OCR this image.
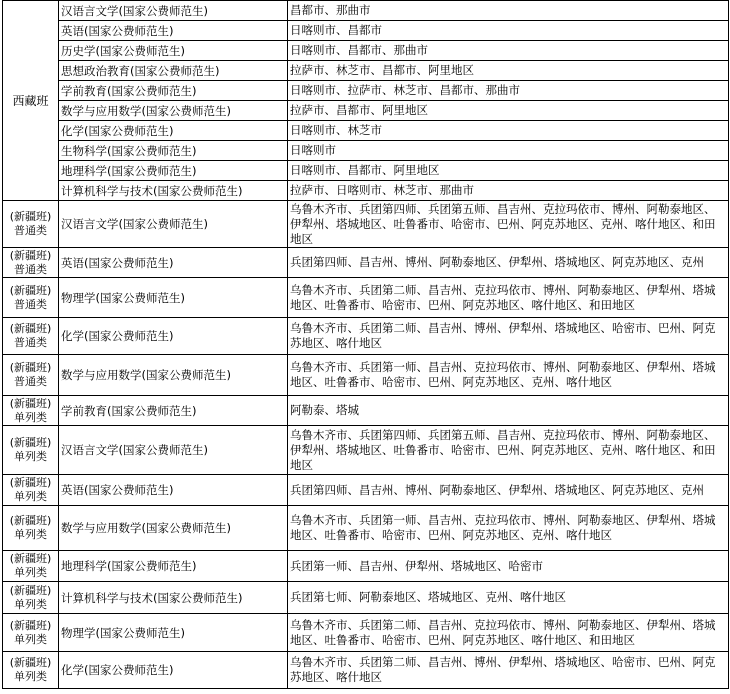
西藏班	汉语言文学(国家公费师范生)	昌都市、那曲市
	英语(国家公费师范生)	日喀则市、昌都市
	历史学(国家公费师范生)	日喀则市、昌都市、那曲市
	思想政治教育(国家公费师范生)	拉萨市、林芝市、昌都市、阿里地区
	学前教育(国家公费师范生)	日喀则市、拉萨市、林芝市、昌都市、那曲市
	数学与应用数学(国家公费师范生)	拉萨市、昌都市、阿里地区
	化学(国家公费师范生)	日喀则市、林芝市
	生物科学(国家公费师范生)	日喀则市
	地理科学(国家公费师范生)	日喀则市、昌都市、阿里地区
	计算机科学与技术(国家公费师范生)	拉萨市、日喀则市、林芝市、那曲市

(新疆班)
普通类	汉语言文学(国家公费师范生)	乌鲁木齐市、兵团第四师、兵团第五师、昌吉州、克拉玛依市、博州、阿勒泰地区、伊犁州、塔城地区、吐鲁番市、哈密市、巴州、阿克苏地区、克州、喀什地区、和田地区

(新疆班)
普通类	英语(国家公费师范生)	兵团第四师、昌吉州、博州、阿勒泰地区、伊犁州、塔城地区、阿克苏地区、克州

(新疆班)
普通类	物理学(国家公费师范生)	乌鲁木齐市、兵团第二师、昌吉州、克拉玛依市、博州、阿勒泰地区、伊犁州、塔城地区、吐鲁番市、哈密市、巴州、阿克苏地区、喀什地区、和田地区

(新疆班)
普通类	化学(国家公费师范生)	乌鲁木齐市、兵团第二师、昌吉州、博州、伊犁州、塔城地区、哈密市、巴州、阿克苏地区、喀什地区

(新疆班)
普通类	数学与应用数学(国家公费师范生)	乌鲁木齐市、兵团第一师、昌吉州、克拉玛依市、博州、阿勒泰地区、伊犁州、塔城地区、吐鲁番市、哈密市、巴州、阿克苏地区、克州、喀什地区

(新疆班)
单列类	学前教育(国家公费师范生)	阿勒泰、塔城

(新疆班)
单列类	汉语言文学(国家公费师范生)	乌鲁木齐市、兵团第四师、兵团第五师、昌吉州、克拉玛依市、博州、阿勒泰地区、伊犁州、塔城地区、吐鲁番市、哈密市、巴州、阿克苏地区、克州、喀什地区、和田地区

(新疆班)
单列类	英语(国家公费师范生)	兵团第四师、昌吉州、博州、阿勒泰地区、伊犁州、塔城地区、阿克苏地区、克州

(新疆班)
单列类	数学与应用数学(国家公费师范生)	乌鲁木齐市、兵团第一师、昌吉州、克拉玛依市、博州、阿勒泰地区、伊犁州、塔城地区、吐鲁番市、哈密市、巴州、阿克苏地区、克州、喀什地区

(新疆班)
单列类	地理科学(国家公费师范生)	兵团第一师、昌吉州、伊犁州、塔城地区、哈密市

(新疆班)
单列类	计算机科学与技术(国家公费师范生)	兵团第七师、阿勒泰地区、塔城地区、克州、喀什地区

(新疆班)
单列类	物理学(国家公费师范生)	乌鲁木齐市、兵团第二师、昌吉州、克拉玛依市、博州、阿勒泰地区、伊犁州、塔城地区、吐鲁番市、哈密市、巴州、阿克苏地区、喀什地区、和田地区

(新疆班)
单列类	化学(国家公费师范生)	乌鲁木齐市、兵团第二师、昌吉州、博州、伊犁州、塔城地区、哈密市、巴州、阿克苏地区、喀什地区
